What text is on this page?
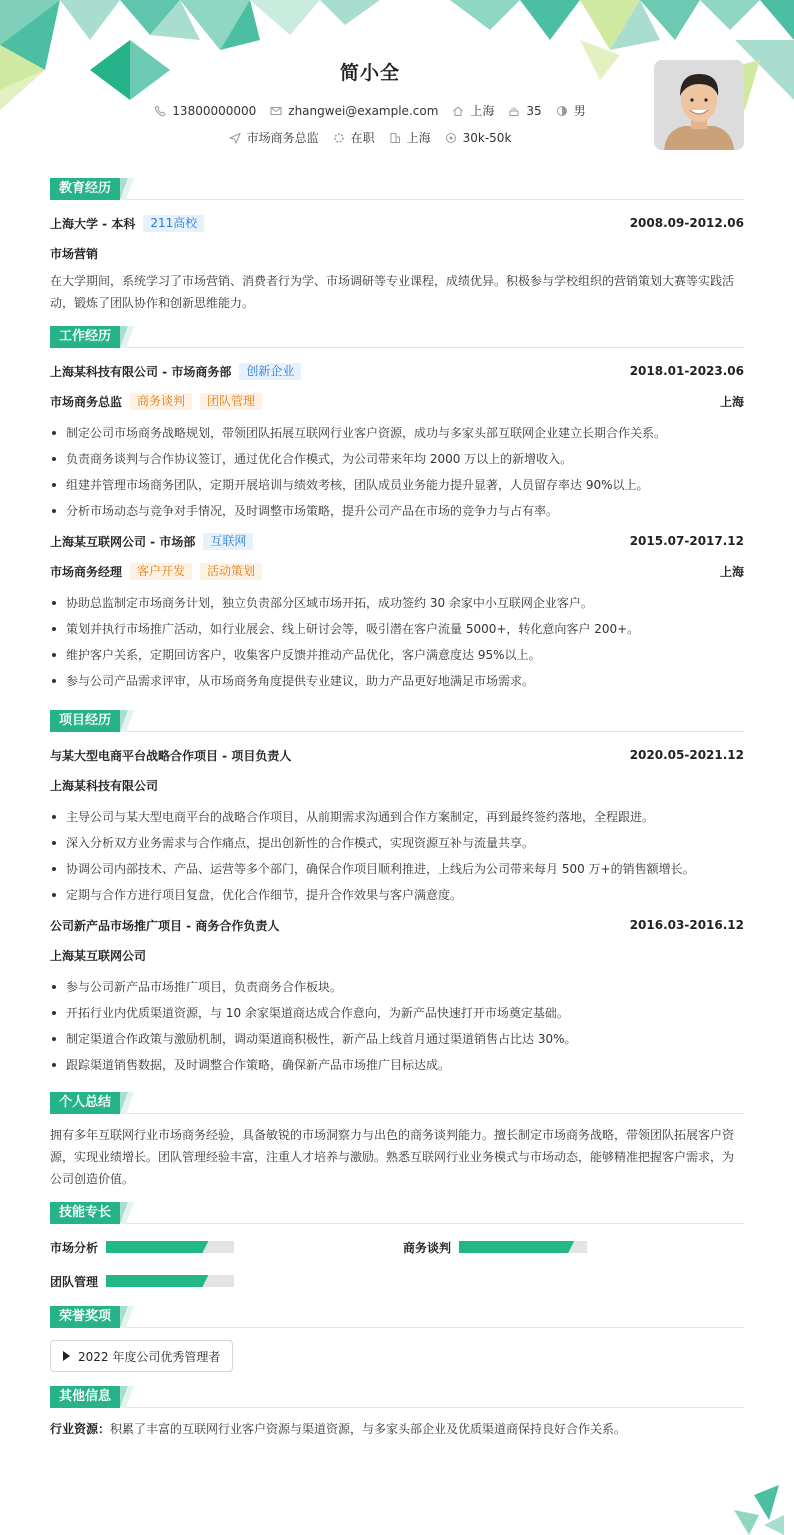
简小全
13800000000	zhangwei@example.com	上海	35	男
市场商务总监	在职	上海	30k-50k
教育经历
上海大学 - 本科	211高校	2008.09-2012.06
市场营销
在大学期间，系统学习了市场营销、消费者行为学、市场调研等专业课程，成绩优异。积极参与学校组织的营销策划大赛等实践活动，锻炼了团队协作和创新思维能力。
工作经历
上海某科技有限公司 - 市场商务部	创新企业	2018.01-2023.06
市场商务总监	商务谈判	团队管理	上海
制定公司市场商务战略规划，带领团队拓展互联网行业客户资源，成功与多家头部互联网企业建立长期合作关系。
负责商务谈判与合作协议签订，通过优化合作模式，为公司带来年均 2000 万以上的新增收入。
组建并管理市场商务团队，定期开展培训与绩效考核，团队成员业务能力提升显著，人员留存率达 90%以上。
分析市场动态与竞争对手情况，及时调整市场策略，提升公司产品在市场的竞争力与占有率。
上海某互联网公司 - 市场部	互联网	2015.07-2017.12
市场商务经理	客户开发	活动策划	上海
协助总监制定市场商务计划，独立负责部分区域市场开拓，成功签约 30 余家中小互联网企业客户。
策划并执行市场推广活动，如行业展会、线上研讨会等，吸引潜在客户流量 5000+，转化意向客户 200+。
维护客户关系，定期回访客户，收集客户反馈并推动产品优化，客户满意度达 95%以上。
参与公司产品需求评审，从市场商务角度提供专业建议，助力产品更好地满足市场需求。
项目经历
与某大型电商平台战略合作项目 - 项目负责人	2020.05-2021.12
上海某科技有限公司
主导公司与某大型电商平台的战略合作项目，从前期需求沟通到合作方案制定，再到最终签约落地，全程跟进。
深入分析双方业务需求与合作痛点，提出创新性的合作模式，实现资源互补与流量共享。
协调公司内部技术、产品、运营等多个部门，确保合作项目顺利推进，上线后为公司带来每月 500 万+的销售额增长。
定期与合作方进行项目复盘，优化合作细节，提升合作效果与客户满意度。
公司新产品市场推广项目 - 商务合作负责人	2016.03-2016.12
上海某互联网公司
参与公司新产品市场推广项目，负责商务合作板块。
开拓行业内优质渠道资源，与 10 余家渠道商达成合作意向，为新产品快速打开市场奠定基础。
制定渠道合作政策与激励机制，调动渠道商积极性，新产品上线首月通过渠道销售占比达 30%。
跟踪渠道销售数据，及时调整合作策略，确保新产品市场推广目标达成。
个人总结
拥有多年互联网行业市场商务经验，具备敏锐的市场洞察力与出色的商务谈判能力。擅长制定市场商务战略，带领团队拓展客户资源，实现业绩增长。团队管理经验丰富，注重人才培养与激励。熟悉互联网行业业务模式与市场动态，能够精准把握客户需求，为公司创造价值。
技能专长
市场分析	商务谈判
团队管理
荣誉奖项
2022 年度公司优秀管理者
其他信息
行业资源：积累了丰富的互联网行业客户资源与渠道资源，与多家头部企业及优质渠道商保持良好合作关系。
